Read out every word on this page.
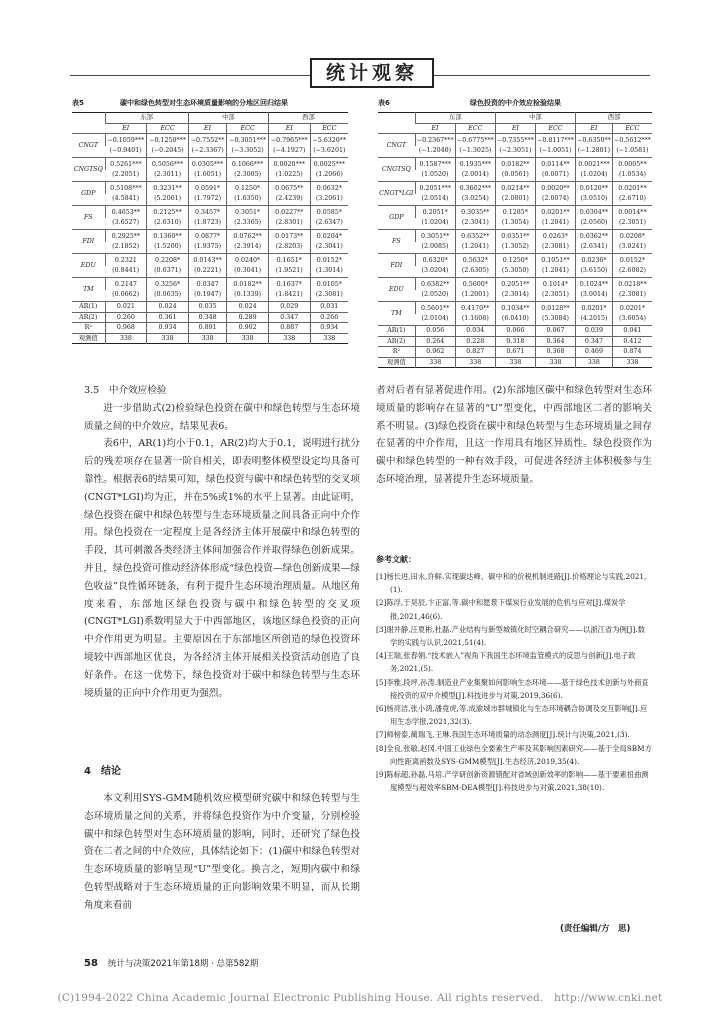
统计观察
表5	碳中和绿色转型对生态环境质量影响的分地区回归结果
	东部		中部		西部	
	EI	ECC	EI	ECC	EI	ECC
CNGT	−0.1059***	−0.1250***	−0.7552**	−0.3051***	−0.7965***	−5.6320**
	(−0.9401)	(−0.2045)	(−2.3367)	(−3.3052)	(−4.1927)	(−3.6201)
CNGTSQ	0.5261***	0.5056***	0.0305***	0.1066***	0.0020***	0.0025***
	(2.2051)	(2.3011)	(1.6051)	(2.3005)	(1.0225)	(1.2066)
GDP	0.5108***	0.3231**	0.0591*	0.1250*	0.0675**	0.0632*
	(4.5841)	(5.2061)	(1.7972)	(1.6350)	(2.4239)	(3.2061)
FS	0.4653**	0.2125**	0.3457*	0.3051*	0.0227**	0.0585*
	(3.6527)	(2.6310)	(1.8723)	(2.3365)	(2.8301)	(2.6347)
FDI	0.2925**	0.1360**	0.0877*	0.0762**	0.0173**	0.0204*
	(2.1852)	(1.5200)	(1.9375)	(2.3914)	(2.8203)	(2.3041)
EDU	0.2321	0.2208*	0.0143**	0.0240*	0.1651*	0.0152*
	(0.8441)	(0.6371)	(0.2221)	(0.3041)	(1.9521)	(1.3014)
TM	0.2147	0.3256*	0.0347	0.0182**	0.1637*	0.0105*
	(0.0662)	(0.0635)	(0.1947)	(0.1339)	(1.8421)	(2.3081)
AR(1)	0.021	0.024	0.035	0.024	0.029	0.031
AR(2)	0.260	0.361	0.348	0.289	0.347	0.266
R²	0.968	0.934	0.891	0.902	0.887	0.934
观测值	338	338	338	338	338	338
表6	绿色投资的中介效应检验结果
	东部		中部		西部	
	EI	ECC	EI	ECC	EI	ECC
CNGT	−0.2367***	−0.6775***	−0.7355***	−0.8117***	−0.6350**	−0.5612***
	(−1.2040)	(−1.3025)	(−2.3051)	(−1.0051)	(−1.2801)	(−1.0581)
CNGTSQ	0.1587***	0.1935***	0.0182**	0.0114**	0.0021***	0.0005**
	(1.0520)	(2.0014)	(0.0561)	(0.0071)	(1.0204)	(1.0534)
CNGT*LGI	0.2051***	0.3602***	0.0214**	0.0020**	0.0120**	0.0201**
	(2.0514)	(3.0254)	(2.0801)	(2.0074)	(3.0510)	(2.6710)
GDP	0.2051*	0.3035**	0.1285*	0.0201**	0.0304**	0.0014**
	(1.0204)	(2.3041)	(1.3054)	(1.2041)	(2.0560)	(2.3051)
FS	0.3051**	0.6352**	0.0351**	0.0263*	0.0362**	0.0208*
	(2.0085)	(1.2041)	(1.3052)	(2.3081)	(2.6341)	(3.0241)
FDI	0.6320*	0.5632*	0.1250*	0.1051**	0.0236*	0.0152*
	(3.0204)	(2.6305)	(5.3050)	(1.2041)	(3.6150)	(2.6082)
EDU	0.6382**	0.5600*	0.2051**	0.1014*	0.1024**	0.0218**
	(2.0520)	(1.2001)	(2.3014)	(2.3051)	(3.0014)	(2.3081)
TM	0.5601**	0.4170**	0.1034**	0.0128**	0.0201*	0.0201*
	(2.0104)	(1.1608)	(6.0410)	(5.3084)	(4.2015)	(3.6054)
AR(1)	0.056	0.034	0.066	0.067	0.039	0.041
AR(2)	0.264	0.228	0.318	0.364	0.347	0.412
R²	0.962	0.827	0.671	0.368	0.469	0.874
观测值	338	338	338	338	338	338

3.5　中介效应检验

进一步借助式(2)检验绿色投资在碳中和绿色转型与生态环境质量之间的中介效应，结果见表6。

表6中，AR(1)均小于0.1，AR(2)均大于0.1，说明进行扰分后的残差项存在显著一阶自相关，即表明整体模型设定均具备可靠性。根据表6的结果可知，绿色投资与碳中和绿色转型的交叉项(CNGT*LGI)均为正，并在5%或1%的水平上显著。由此证明，绿色投资在碳中和绿色转型与生态环境质量之间具备正向中介作用。绿色投资在一定程度上是各经济主体开展碳中和绿色转型的手段，其可刺激各类经济主体间加强合作并取得绿色创新成果。并且，绿色投资可推动经济体形成“绿色投资—绿色创新成果—绿色收益”良性循环链条，有利于提升生态环境治理质量。从地区角度来看，东部地区绿色投资与碳中和绿色转型的交叉项(CNGT*LGI)系数明显大于中西部地区，该地区绿色投资的正向中介作用更为明显。主要原因在于东部地区所创造的绿色投资环境较中西部地区优良，为各经济主体开展相关投资活动创造了良好条件。在这一优势下，绿色投资对于碳中和绿色转型与生态环境质量的正向中介作用更为强烈。

4　结论

本文利用SYS-GMM随机效应模型研究碳中和绿色转型与生态环境质量之间的关系，并将绿色投资作为中介变量，分别检验碳中和绿色转型对生态环境质量的影响，同时，还研究了绿色投资在二者之间的中介效应，具体结论如下：(1)碳中和绿色转型对生态环境质量的影响呈现“U”型变化。换言之，短期内碳中和绿色转型战略对于生态环境质量的正向影响效果不明显，而从长期角度来看前

者对后者有显著促进作用。(2)东部地区碳中和绿色转型对生态环境质量的影响存在显著的“U”型变化，中西部地区二者的影响关系不明显。(3)绿色投资在碳中和绿色转型与生态环境质量之间存在显著的中介作用，且这一作用具有地区异质性。绿色投资作为碳中和绿色转型的一种有效手段，可促进各经济主体积极参与生态环境治理，显著提升生态环境质量。

参考文献：
[1]杨长进,田永,许鲜.实现碳达峰、碳中和的价税机制进路[J].价格理论与实践,2021,(1).
[2]陈浮,于昊辰,卞正富,等.碳中和愿景下煤炭行业发展的危机与应对[J].煤炭学报,2021,46(6).
[3]谢井静,汪夏彬,杜磊.产业结构与新型城镇化时空耦合研究——以浙江省为例[J].数学的实践与认识,2021,51(4).
[4]王瑞,张春娟.“技术嵌入”视角下我国生态环境监管模式的反思与创新[J].电子政务,2021,(5).
[5]李雅,段坪,孙涛.制造业产业集聚如何影响生态环境——基于绿色技术创新与外商直接投资的双中介模型[J].科技进步与对策,2019,36(6).
[6]杨亮洁,张小鸿,潘竟虎,等.成渝城市群城镇化与生态环境耦合协调及交互影响[J].应用生态学报,2021,32(3).
[7]师榜泰,蔺瑞飞,王琳.我国生态环境质量的动态测度[J].统计与决策,2021,(3).
[8]全良,张敏,赵冈.中国工业绿色全要素生产率及其影响因素研究——基于全局SBM方向性距离函数及SYS-GMM模型[J].生态经济,2019,35(4).
[9]陈标超,孙磊,马培.产学研创新资源错配对省域创新效率的影响——基于要素扭曲测度模型与超效率SBM-DEA模型[J].科技进步与对策,2021,38(10).
(责任编辑/方　思)
58 统计与决策2021年第18期 · 总第582期
(C)1994-2022 China Academic Journal Electronic Publishing House. All rights reserved.　http://www.cnki.net
